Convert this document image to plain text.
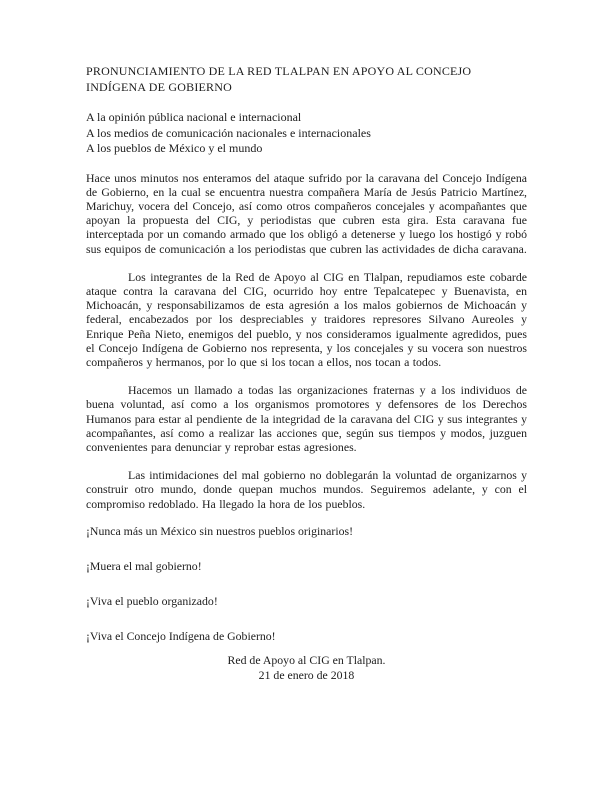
PRONUNCIAMIENTO DE LA RED TLALPAN EN APOYO AL CONCEJO INDÍGENA DE GOBIERNO

A la opinión pública nacional e internacional
A los medios de comunicación nacionales e internacionales
A los pueblos de México y el mundo

Hace unos minutos nos enteramos del ataque sufrido por la caravana del Concejo Indígena de Gobierno, en la cual se encuentra nuestra compañera María de Jesús Patricio Martínez, Marichuy, vocera del Concejo, así como otros compañeros concejales y acompañantes que apoyan la propuesta del CIG, y periodistas que cubren esta gira. Esta caravana fue interceptada por un comando armado que los obligó a detenerse y luego los hostigó y robó sus equipos de comunicación a los periodistas que cubren las actividades de dicha caravana.

Los integrantes de la Red de Apoyo al CIG en Tlalpan, repudiamos este cobarde ataque contra la caravana del CIG, ocurrido hoy entre Tepalcatepec y Buenavista, en Michoacán, y responsabilizamos de esta agresión a los malos gobiernos de Michoacán y federal, encabezados por los despreciables y traidores represores Silvano Aureoles y Enrique Peña Nieto, enemigos del pueblo, y nos consideramos igualmente agredidos, pues el Concejo Indígena de Gobierno nos representa, y los concejales y su vocera son nuestros compañeros y hermanos, por lo que si los tocan a ellos, nos tocan a todos.

Hacemos un llamado a todas las organizaciones fraternas y a los individuos de buena voluntad, así como a los organismos promotores y defensores de los Derechos Humanos para estar al pendiente de la integridad de la caravana del CIG y sus integrantes y acompañantes, así como a realizar las acciones que, según sus tiempos y modos, juzguen convenientes para denunciar y reprobar estas agresiones.

Las intimidaciones del mal gobierno no doblegarán la voluntad de organizarnos y construir otro mundo, donde quepan muchos mundos. Seguiremos adelante, y con el compromiso redoblado. Ha llegado la hora de los pueblos.

¡Nunca más un México sin nuestros pueblos originarios!
¡Muera el mal gobierno!
¡Viva el pueblo organizado!
¡Viva el Concejo Indígena de Gobierno!
Red de Apoyo al CIG en Tlalpan.
21 de enero de 2018
